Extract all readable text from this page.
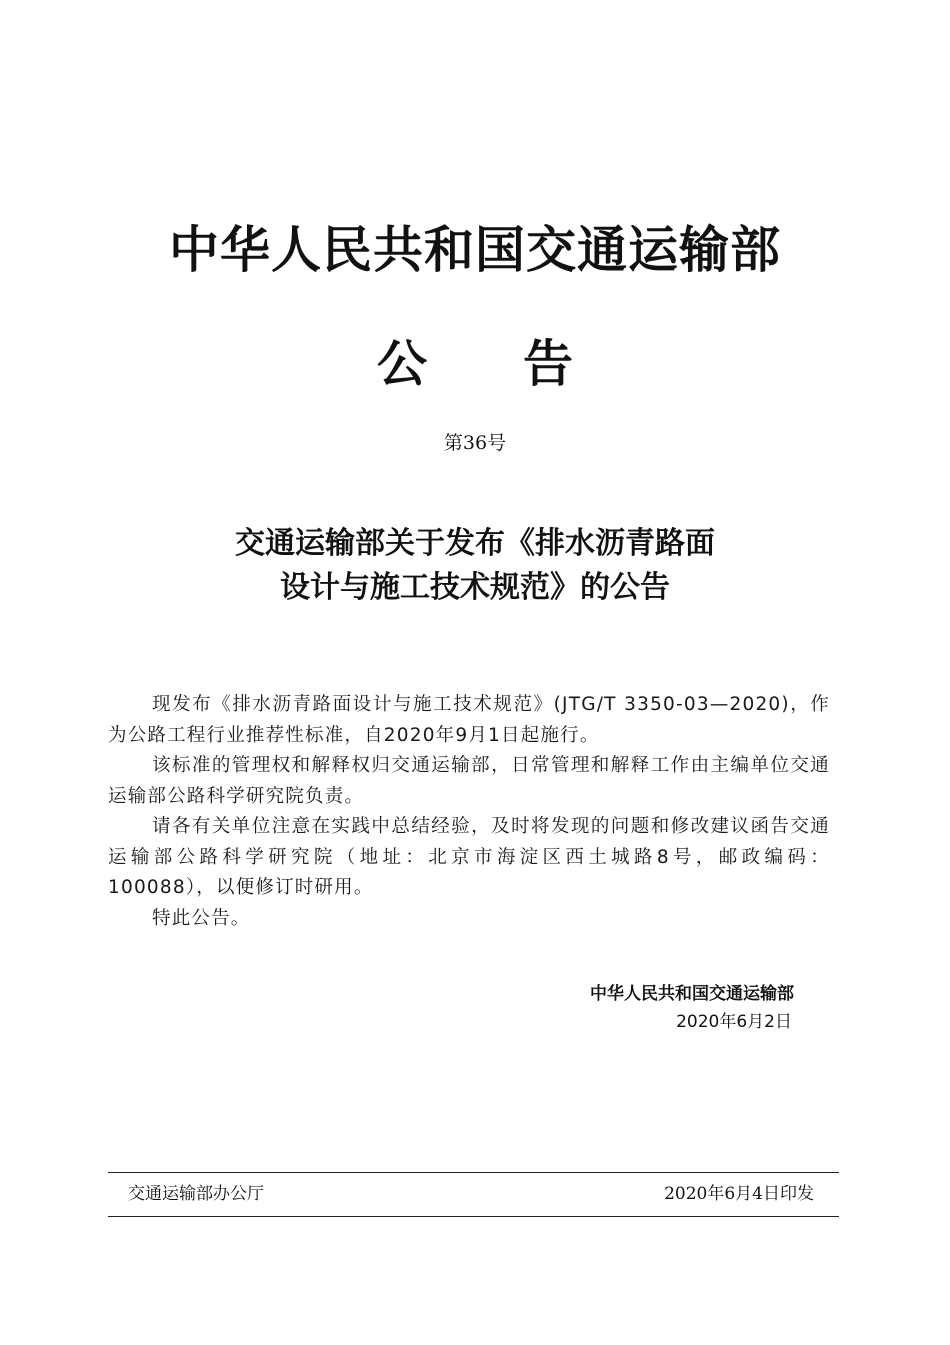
中华人民共和国交通运输部
公 告
第36号
交通运输部关于发布《排水沥青路面
设计与施工技术规范》的公告

现发布《排水沥青路面设计与施工技术规范》(JTG/T 3350-03—2020)，作为公路工程行业推荐性标准，自2020年9月1日起施行。

该标准的管理权和解释权归交通运输部，日常管理和解释工作由主编单位交通运输部公路科学研究院负责。

请各有关单位注意在实践中总结经验，及时将发现的问题和修改建议函告交通运输部公路科学研究院（地址：北京市海淀区西土城路8号，邮政编码：100088），以便修订时研用。

特此公告。

中华人民共和国交通运输部
2020年6月2日
交通运输部办公厅	2020年6月4日印发
